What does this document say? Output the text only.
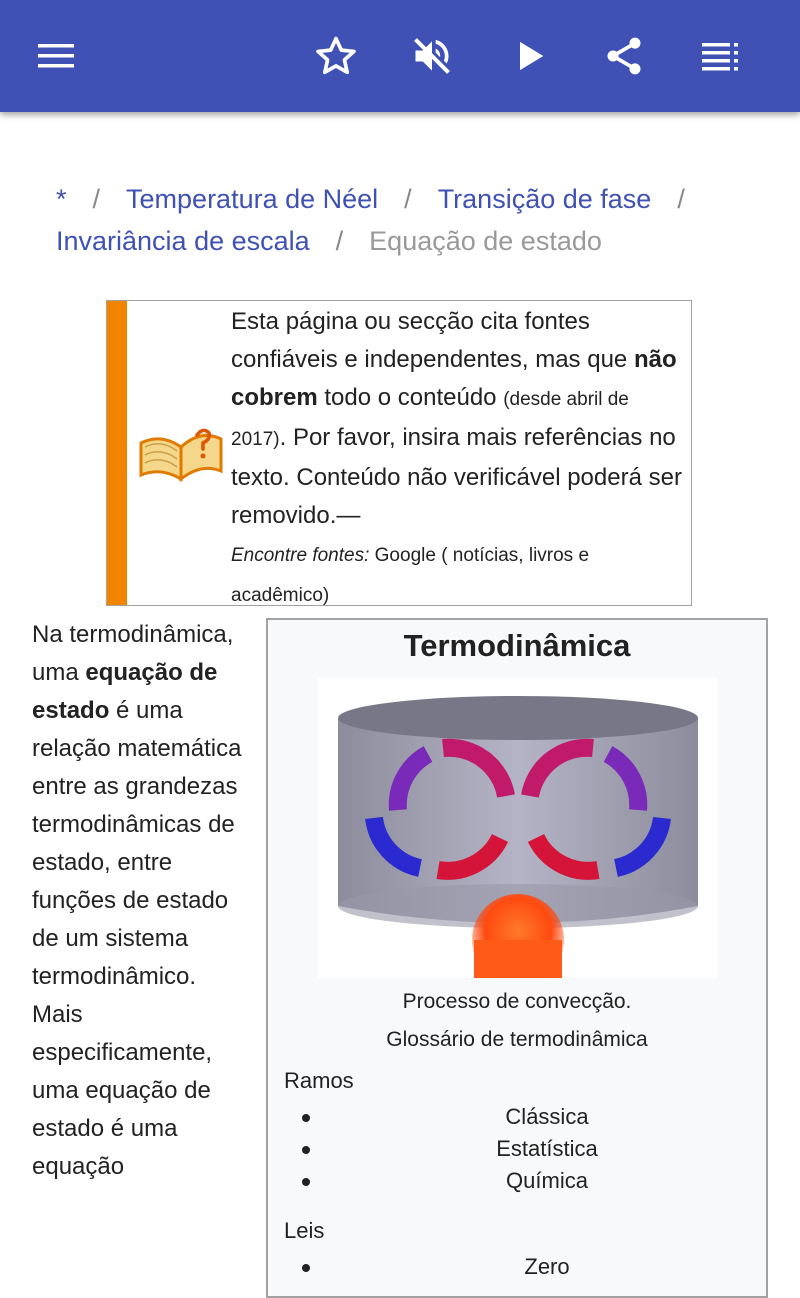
* / Temperatura de Néel / Transição de fase /
Invariância de escala / Equação de estado
Esta página ou secção cita fontes confiáveis e independentes, mas que não cobrem todo o conteúdo (desde abril de 2017). Por favor, insira mais referências no texto. Conteúdo não verificável poderá ser removido.—
Encontre fontes: Google ( notícias, livros e acadêmico)
Na termodinâmica, uma equação de estado é uma relação matemática entre as grandezas termodinâmicas de estado, entre funções de estado de um sistema termodinâmico. Mais especificamente, uma equação de estado é uma equação
Termodinâmica
Processo de convecção.
Glossário de termodinâmica
Ramos
Clássica
Estatística
Química
Leis
Zero
